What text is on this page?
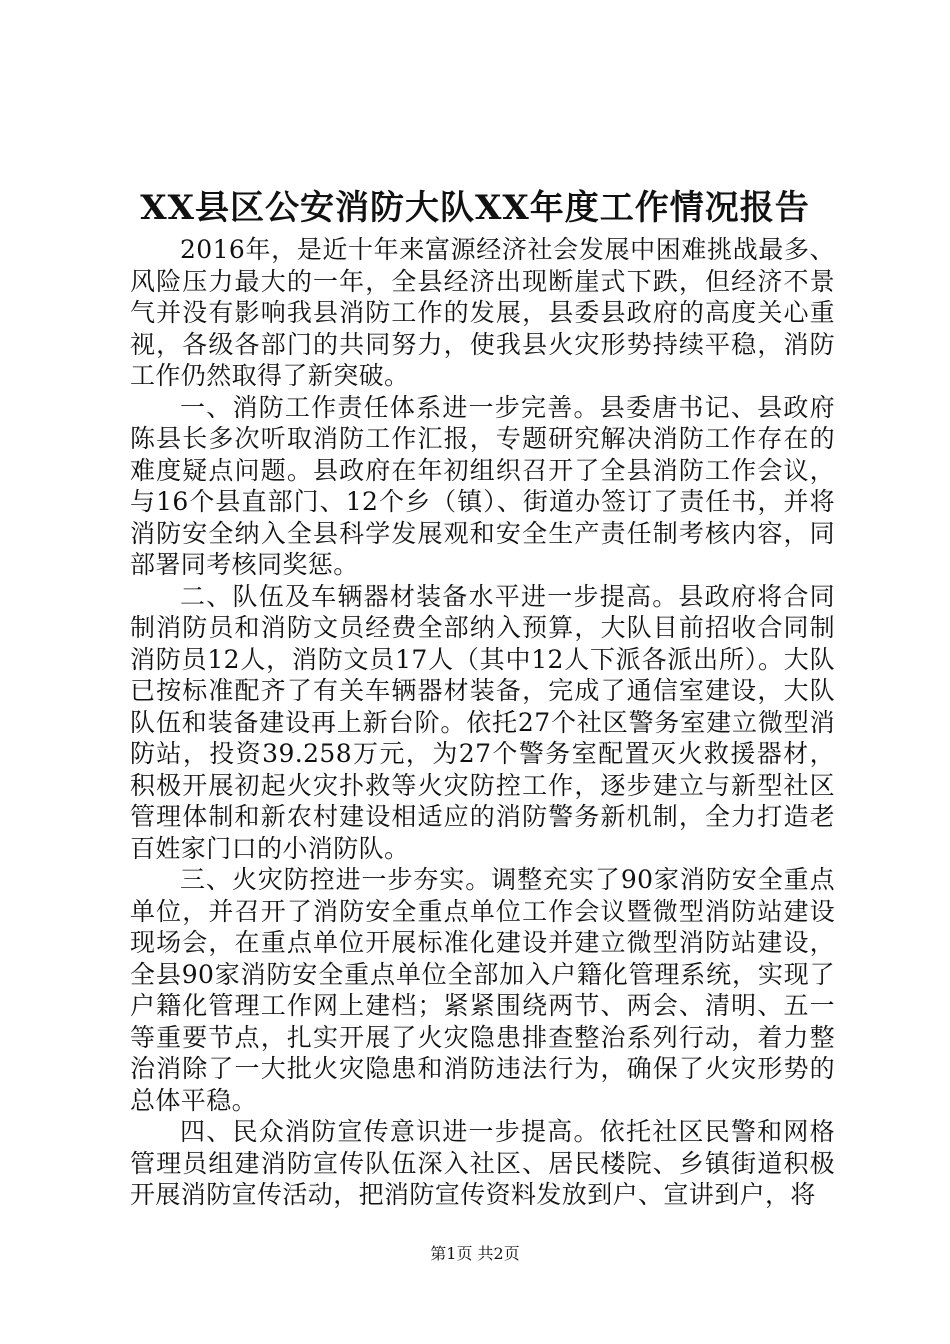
XX县区公安消防大队XX年度工作情况报告

2016年，是近十年来富源经济社会发展中困难挑战最多、风险压力最大的一年，全县经济出现断崖式下跌，但经济不景气并没有影响我县消防工作的发展，县委县政府的高度关心重视，各级各部门的共同努力，使我县火灾形势持续平稳，消防工作仍然取得了新突破。

一、消防工作责任体系进一步完善。县委唐书记、县政府陈县长多次听取消防工作汇报，专题研究解决消防工作存在的难度疑点问题。县政府在年初组织召开了全县消防工作会议，与16个县直部门、12个乡（镇）、街道办签订了责任书，并将消防安全纳入全县科学发展观和安全生产责任制考核内容，同部署同考核同奖惩。

二、队伍及车辆器材装备水平进一步提高。县政府将合同制消防员和消防文员经费全部纳入预算，大队目前招收合同制消防员12人，消防文员17人（其中12人下派各派出所）。大队已按标准配齐了有关车辆器材装备，完成了通信室建设，大队队伍和装备建设再上新台阶。依托27个社区警务室建立微型消防站，投资39.258万元，为27个警务室配置灭火救援器材，积极开展初起火灾扑救等火灾防控工作，逐步建立与新型社区管理体制和新农村建设相适应的消防警务新机制，全力打造老百姓家门口的小消防队。

三、火灾防控进一步夯实。调整充实了90家消防安全重点单位，并召开了消防安全重点单位工作会议暨微型消防站建设现场会，在重点单位开展标准化建设并建立微型消防站建设，全县90家消防安全重点单位全部加入户籍化管理系统，实现了户籍化管理工作网上建档；紧紧围绕两节、两会、清明、五一等重要节点，扎实开展了火灾隐患排查整治系列行动，着力整治消除了一大批火灾隐患和消防违法行为，确保了火灾形势的总体平稳。

四、民众消防宣传意识进一步提高。依托社区民警和网格管理员组建消防宣传队伍深入社区、居民楼院、乡镇街道积极开展消防宣传活动，把消防宣传资料发放到户、宣讲到户，将

第1页 共2页
